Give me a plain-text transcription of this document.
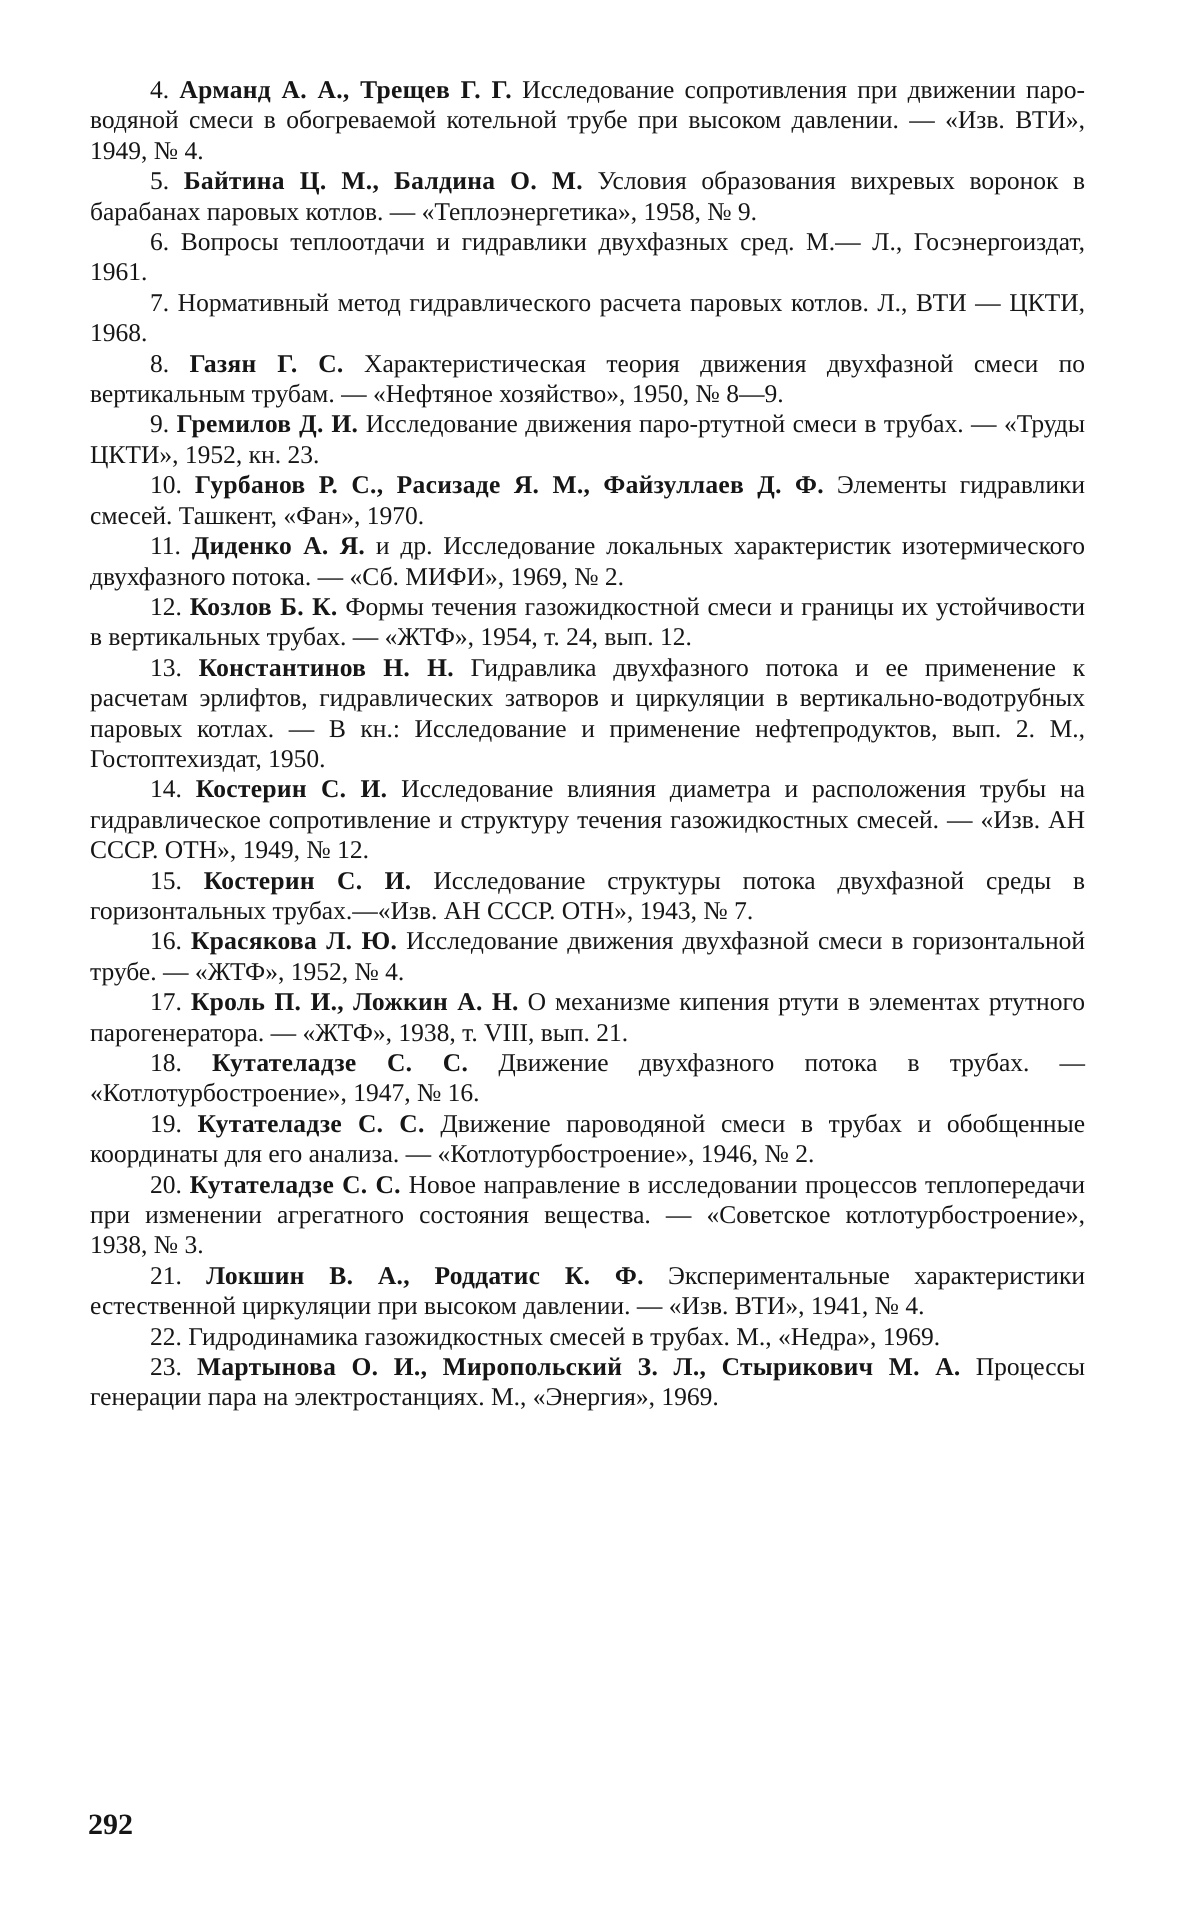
4. Арманд А. А., Трещев Г. Г. Исследование сопротивления при движении паро-водяной смеси в обогреваемой котельной трубе при высоком давлении. — «Изв. ВТИ», 1949, № 4.

5. Байтина Ц. М., Балдина О. М. Условия образования вихревых воронок в барабанах паровых котлов. — «Теплоэнергетика», 1958, № 9.

6. Вопросы теплоотдачи и гидравлики двухфазных сред. М.— Л., Госэнергоиздат, 1961.

7. Нормативный метод гидравлического расчета паровых котлов. Л., ВТИ — ЦКТИ, 1968.

8. Газян Г. С. Характеристическая теория движения двухфазной смеси по вертикальным трубам. — «Нефтяное хозяйство», 1950, № 8—9.

9. Гремилов Д. И. Исследование движения паро-ртутной смеси в трубах. — «Труды ЦКТИ», 1952, кн. 23.

10. Гурбанов Р. С., Расизаде Я. М., Файзуллаев Д. Ф. Элементы гидравлики смесей. Ташкент, «Фан», 1970.

11. Диденко А. Я. и др. Исследование локальных характеристик изотермического двухфазного потока. — «Сб. МИФИ», 1969, № 2.

12. Козлов Б. К. Формы течения газожидкостной смеси и границы их устойчивости в вертикальных трубах. — «ЖТФ», 1954, т. 24, вып. 12.

13. Константинов Н. Н. Гидравлика двухфазного потока и ее применение к расчетам эрлифтов, гидравлических затворов и циркуляции в вертикально-водотрубных паровых котлах. — В кн.: Исследование и применение нефтепродуктов, вып. 2. М., Гостоптехиздат, 1950.

14. Костерин С. И. Исследование влияния диаметра и расположения трубы на гидравлическое сопротивление и структуру течения газожидкостных смесей. — «Изв. АН СССР. ОТН», 1949, № 12.

15. Костерин С. И. Исследование структуры потока двухфазной среды в горизонтальных трубах.—«Изв. АН СССР. ОТН», 1943, № 7.

16. Красякова Л. Ю. Исследование движения двухфазной смеси в горизонтальной трубе. — «ЖТФ», 1952, № 4.

17. Кроль П. И., Ложкин А. Н. О механизме кипения ртути в элементах ртутного парогенератора. — «ЖТФ», 1938, т. VIII, вып. 21.

18. Кутателадзе С. С. Движение двухфазного потока в трубах. — «Котлотурбостроение», 1947, № 16.

19. Кутателадзе С. С. Движение пароводяной смеси в трубах и обобщенные координаты для его анализа. — «Котлотурбостроение», 1946, № 2.

20. Кутателадзе С. С. Новое направление в исследовании процессов теплопередачи при изменении агрегатного состояния вещества. — «Советское котлотурбостроение», 1938, № 3.

21. Локшин В. А., Роддатис К. Ф. Экспериментальные характеристики естественной циркуляции при высоком давлении. — «Изв. ВТИ», 1941, № 4.

22. Гидродинамика газожидкостных смесей в трубах. М., «Недра», 1969.

23. Мартынова О. И., Миропольский З. Л., Стырикович М. А. Процессы генерации пара на электростанциях. М., «Энергия», 1969.

292
